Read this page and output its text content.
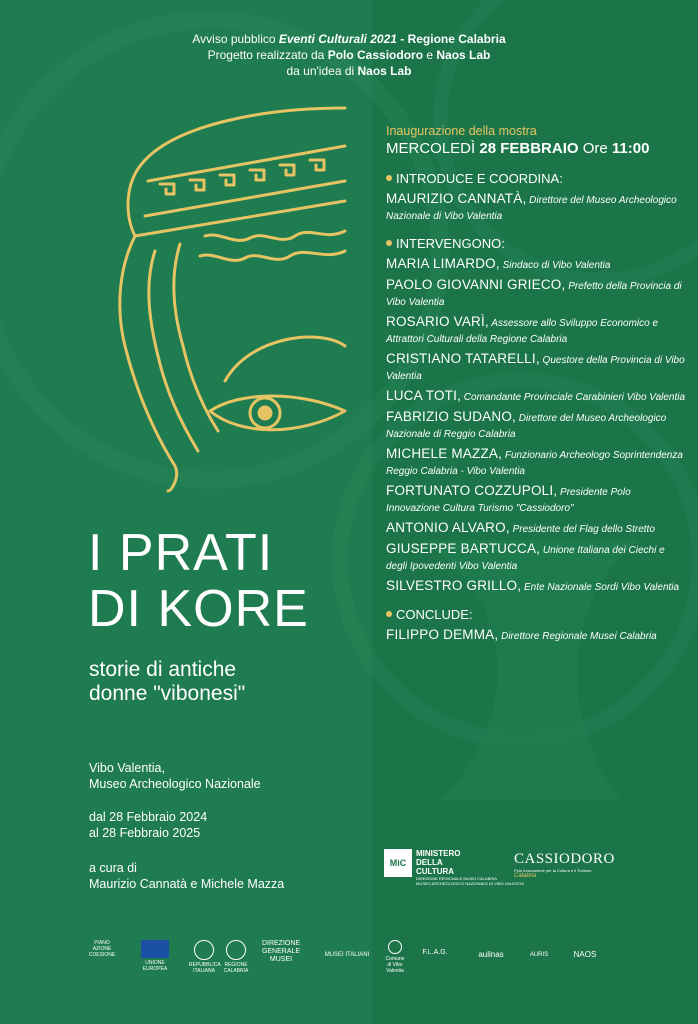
Avviso pubblico Eventi Culturali 2021 - Regione Calabria

Progetto realizzato da Polo Cassiodoro e Naos Lab

da un'idea di Naos Lab

I PRATI
DI KORE
storie di antiche
donne "vibonesi"

Vibo Valentia,

Museo Archeologico Nazionale

dal 28 Febbraio 2024

al 28 Febbraio 2025

a cura di

Maurizio Cannatà e Michele Mazza

Inaugurazione della mostra
MERCOLEDÌ 28 FEBBRAIO Ore 11:00
INTRODUCE E COORDINA:
MAURIZIO CANNATÀ, Direttore del Museo Archeologico Nazionale di Vibo Valentia
INTERVENGONO:
MARIA LIMARDO, Sindaco di Vibo Valentia
PAOLO GIOVANNI GRIECO, Prefetto della Provincia di Vibo Valentia
ROSARIO VARÌ, Assessore allo Sviluppo Economico e Attrattori Culturali della Regione Calabria
CRISTIANO TATARELLI, Questore della Provincia di Vibo Valentia
LUCA TOTI, Comandante Provinciale Carabinieri Vibo Valentia
FABRIZIO SUDANO, Direttore del Museo Archeologico Nazionale di Reggio Calabria
MICHELE MAZZA, Funzionario Archeologo Soprintendenza Reggio Calabria - Vibo Valentia
FORTUNATO COZZUPOLI, Presidente Polo Innovazione Cultura Turismo "Cassiodoro"
ANTONIO ALVARO, Presidente del Flag dello Stretto
GIUSEPPE BARTUCCA, Unione Italiana dei Ciechi e degli Ipovedenti Vibo Valentia
SILVESTRO GRILLO, Ente Nazionale Sordi Vibo Valentia
CONCLUDE:
FILIPPO DEMMA, Direttore Regionale Musei Calabria
MiC
MINISTERO
DELLA
CULTURA
DIREZIONE REGIONALE MUSEI CALABRIA
MUSEO ARCHEOLOGICO NAZIONALE DI VIBO VALENTIA
CASSIODORO
Polo Innovazione per la Cultura e il Turismo
Calabria
PIANO AZIONE COESIONE
UNIONE EUROPEA
REPUBBLICA ITALIANA
REGIONE CALABRIA
DIREZIONE GENERALE MUSEI
MUSEI ITALIANI
Comune di Vibo Valentia
F.L.A.G.	aulinas	AURIS	NAOS
